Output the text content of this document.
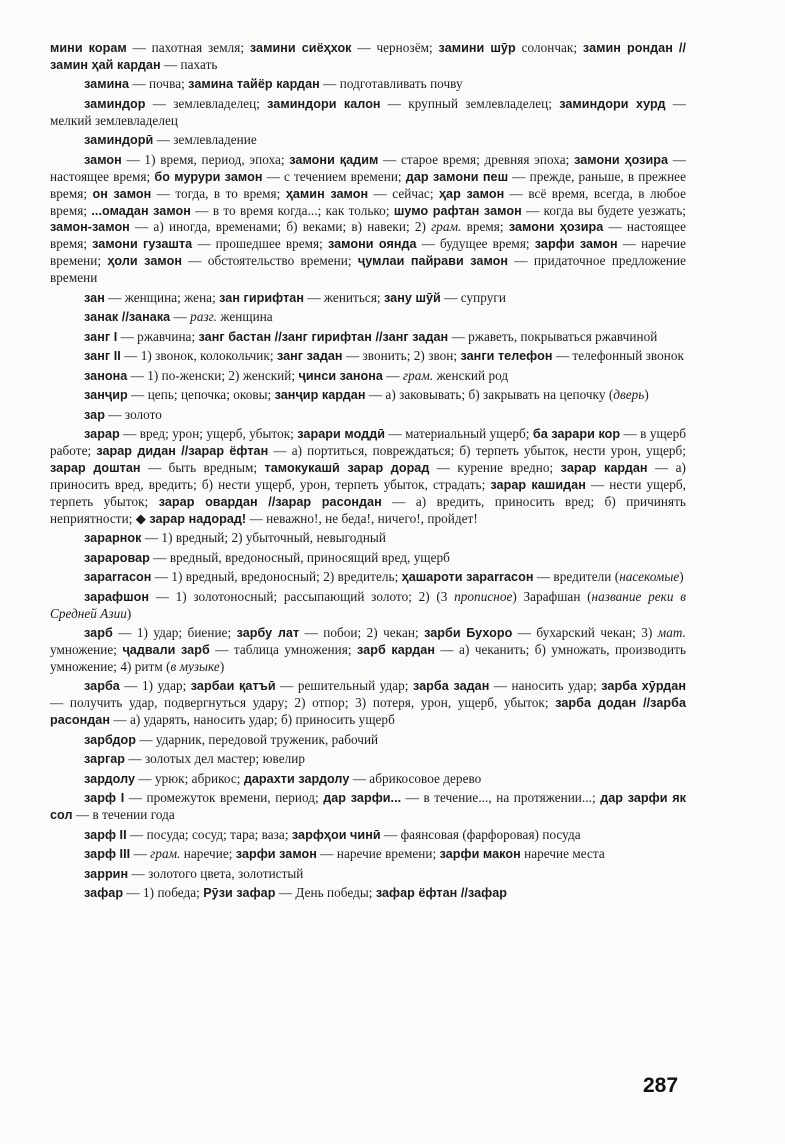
мини корам — пахотная земля; замини сиёҳхок — чернозём; замини шӯр солончак; замин рондан //замин ҳай кардан — пахать

замина — почва; замина тайёр кардан — подготавливать почву

заминдор — землевладелец; заминдори калон — крупный землевладелец; заминдори хурд — мелкий землевладелец

заминдорӣ — землевладение

замон — 1) время, период, эпоха; замони қадим — старое время; древняя эпоха; замони ҳозира — настоящее время; бо мурури замон — с течением времени; дар замони пеш — прежде, раньше, в прежнее время; он замон — тогда, в то время; ҳамин замон — сейчас; ҳар замон — всё время, всегда, в любое время; ...омадан замон — в то время когда...; как только; шумо рафтан замон — когда вы будете уезжать; замон-замон — а) иногда, временами; б) веками; в) навеки; 2) грам. время; замони ҳозира — настоящее время; замони гузашта — прошедшее время; замони оянда — будущее время; зарфи замон — наречие времени; ҳоли замон — обстоятельство времени; ҷумлаи пайрави замон — придаточное предложение времени

зан — женщина; жена; зан гирифтан — жениться; зану шӯй — супруги

занак //занака — разг. женщина

занг I — ржавчина; занг бастан //занг гирифтан //занг задан — ржаветь, покрываться ржавчиной

занг II — 1) звонок, колокольчик; занг задан — звонить; 2) звон; занги телефон — телефонный звонок

занона — 1) по-женски; 2) женский; ҷинси занона — грам. женский род

занҷир — цепь; цепочка; оковы; занҷир кардан — а) заковывать; б) закрывать на цепочку (дверь)

зар — золото

зарар — вред; урон; ущерб, убыток; зарари моддӣ — материальный ущерб; ба зарари кор — в ущерб работе; зарар дидан //зарар ёфтан — а) портиться, повреждаться; б) терпеть убыток, нести урон, ущерб; зарар доштан — быть вредным; тамокукашӣ зарар дорад — курение вредно; зарар кардан — а) приносить вред, вредить; б) нести ущерб, урон, терпеть убыток, страдать; зарар кашидан — нести ущерб, терпеть убыток; зарар овардан //зарар расондан — а) вредить, приносить вред; б) причинять неприятности; ◆ зарар надорад! — неважно!, не беда!, ничего!, пройдет!

зарарнок — 1) вредный; 2) убыточный, невыгодный

зараровар — вредный, вредоносный, приносящий вред, ущерб

зарarrасон — 1) вредный, вредоносный; 2) вредитель; ҳашароти зарarrасон — вредители (насекомые)

зарафшон — 1) золотоносный; рассыпающий золото; 2) (3 прописное) Зарафшан (название реки в Средней Азии)

зарб — 1) удар; биение; зарбу лат — побои; 2) чекан; зарби Бухоро — бухарский чекан; 3) мат. умножение; ҷадвали зарб — таблица умножения; зарб кардан — а) чеканить; б) умножать, производить умножение; 4) ритм (в музыке)

зарба — 1) удар; зарбаи қатъӣ — решительный удар; зарба задан — наносить удар; зарба хӯрдан — получить удар, подвергнуться удару; 2) отпор; 3) потеря, урон, ущерб, убыток; зарба додан //зарба расондан — а) ударять, наносить удар; б) приносить ущерб

зарбдор — ударник, передовой труженик, рабочий

заргар — золотых дел мастер; ювелир

зардолу — урюк; абрикос; дарахти зардолу — абрикосовое дерево

зарф I — промежуток времени, период; дар зарфи... — в течение..., на протяжении...; дар зарфи як сол — в течении года

зарф II — посуда; сосуд; тара; ваза; зарфҳои чинӣ — фаянсовая (фарфоровая) посуда

зарф III — грам. наречие; зарфи замон — наречие времени; зарфи макон наречие места

заррин — золотого цвета, золотистый

зафар — 1) победа; Рӯзи зафар — День победы; зафар ёфтан //зафар

287
